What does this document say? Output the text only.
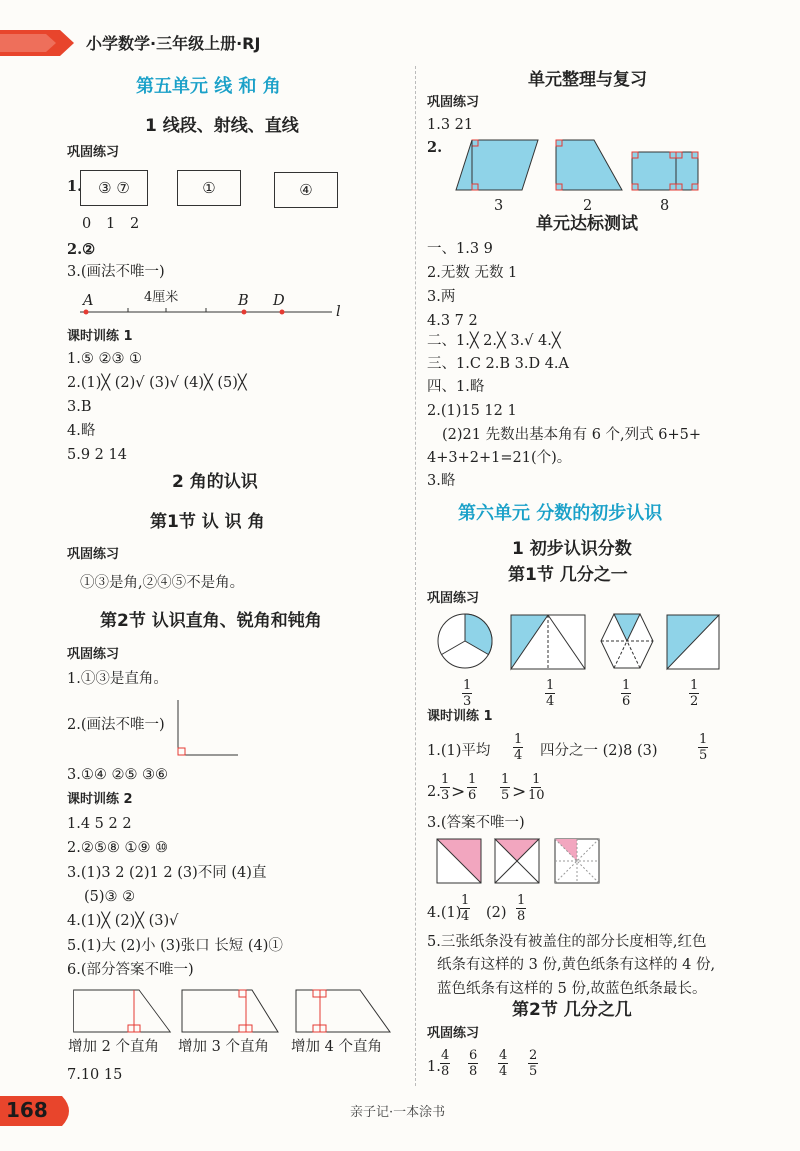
小学数学·三年级上册·RJ
第五单元 线 和 角
1 线段、射线、直线
巩固练习
1.	③ ⑦	①	④
0 1 2
2.②
3.(画法不唯一)
A	4厘米	B D
l
课时训练 1
1.⑤ ②③ ①
2.(1)╳ (2)√ (3)√ (4)╳ (5)╳
3.B
4.略
5.9 2 14
2 角的认识
第1节 认 识 角
巩固练习
①③是角,②④⑤不是角。
第2节 认识直角、锐角和钝角
巩固练习
1.①③是直角。
2.(画法不唯一)
3.①④ ②⑤ ③⑥
课时训练 2
1.4 5 2 2
2.②⑤⑧ ①⑨ ⑩
3.(1)3 2 (2)1 2 (3)不同 (4)直
(5)③ ②
4.(1)╳ (2)╳ (3)√
5.(1)大 (2)小 (3)张口 长短 (4)①
6.(部分答案不唯一)
增加 2 个直角 增加 3 个直角 增加 4 个直角
7.10 15
单元整理与复习
巩固练习
1.3 21
2.
3	2	8
单元达标测试
一、1.3 9
2.无数 无数 1
3.两
4.3 7 2
二、1.╳ 2.╳ 3.√ 4.╳
三、1.C 2.B 3.D 4.A
四、1.略
2.(1)15 12 1
(2)21 先数出基本角有 6 个,列式 6+5+
4+3+2+1=21(个)。
3.略
第六单元 分数的初步认识
1 初步认识分数
第1节 几分之一
巩固练习
1
3
1
4
1
6
1
2
课时训练 1
1.(1)平均
1
4 四分之一 (2)8 (3)
1
5
2.
1
3 >
1
6
1
5 >
1
10
3.(答案不唯一)
4.(1)
1
4 (2)
1
8
5.三张纸条没有被盖住的部分长度相等,红色
纸条有这样的 3 份,黄色纸条有这样的 4 份,
蓝色纸条有这样的 5 份,故蓝色纸条最长。
第2节 几分之几
巩固练习
1.
4
8
6
8
4
4
2
5
168	亲子记·一本涂书
